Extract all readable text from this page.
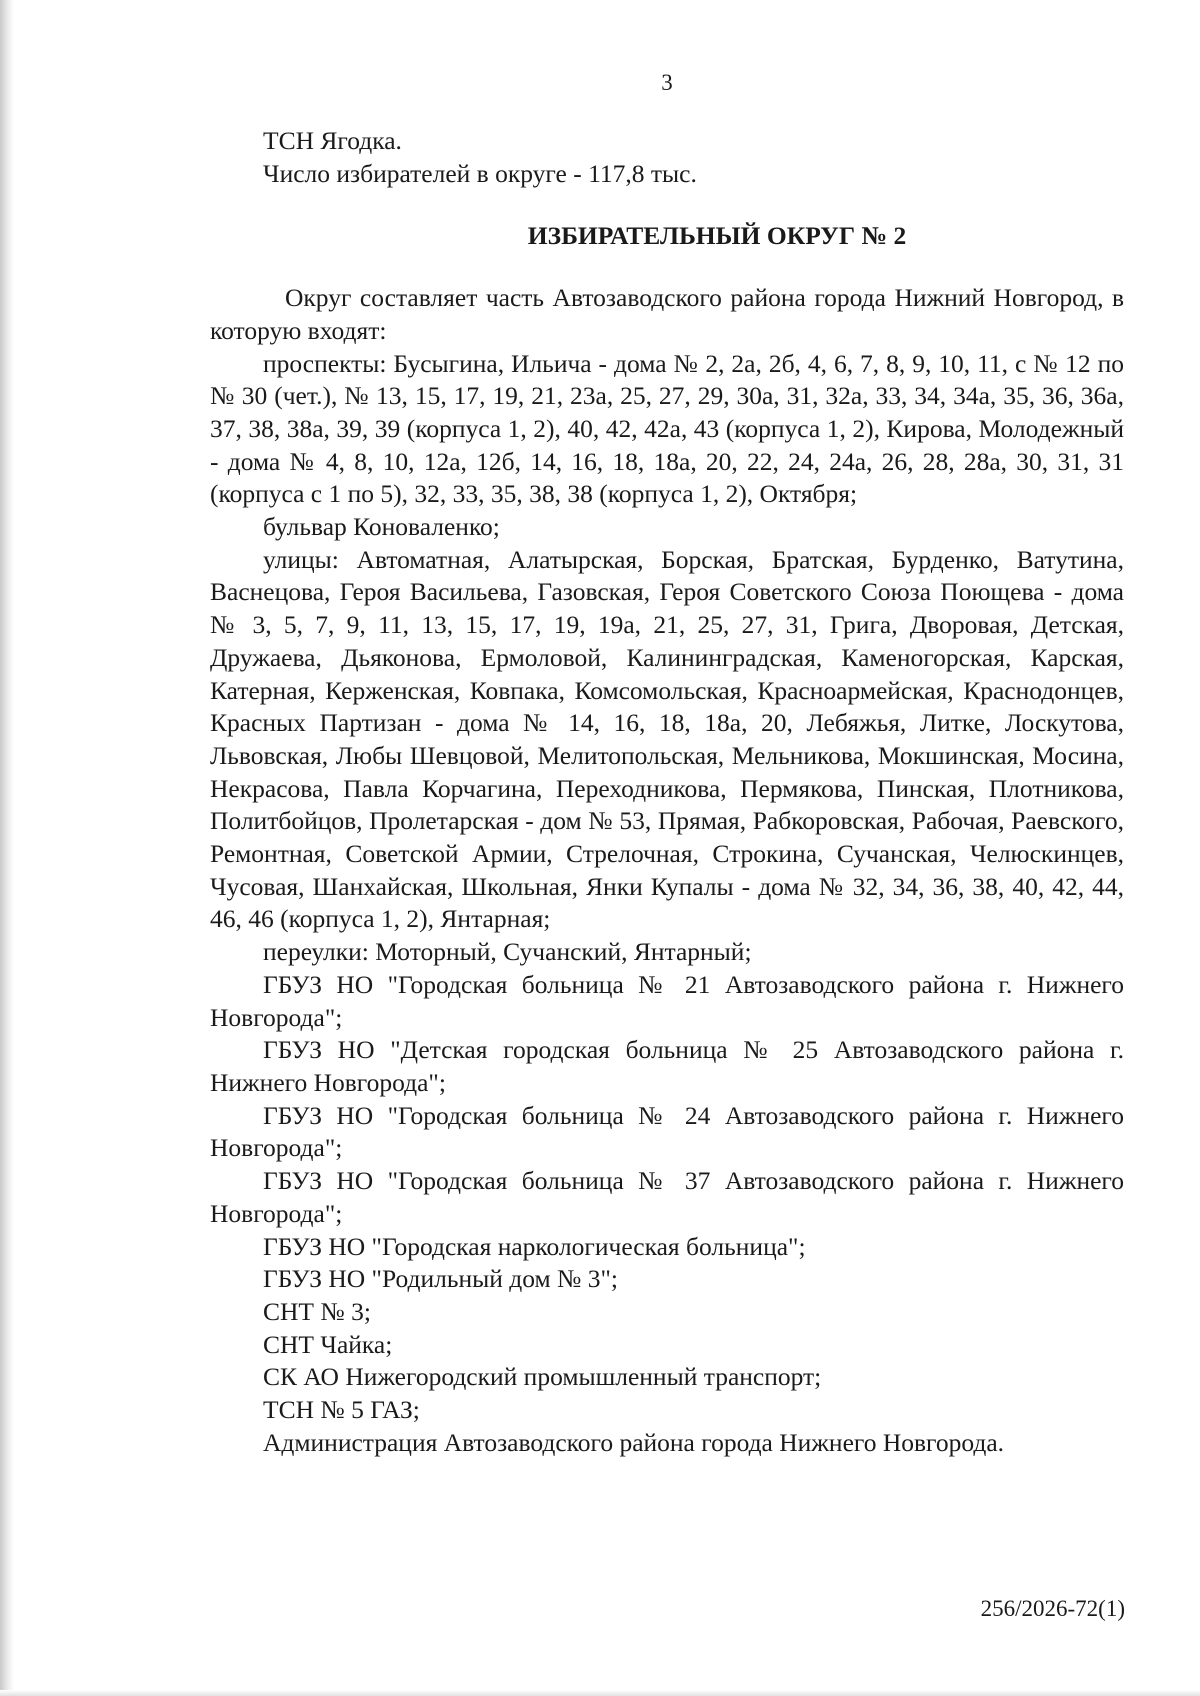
3

ТСН Ягодка.

Число избирателей в округе - 117,8 тыс.

ИЗБИРАТЕЛЬНЫЙ ОКРУГ № 2

Округ составляет часть Автозаводского района города Нижний Новгород, в которую входят:

проспекты: Бусыгина, Ильича - дома № 2, 2а, 2б, 4, 6, 7, 8, 9, 10, 11, с № 12 по № 30 (чет.), № 13, 15, 17, 19, 21, 23а, 25, 27, 29, 30а, 31, 32а, 33, 34, 34а, 35, 36, 36а, 37, 38, 38а, 39, 39 (корпуса 1, 2), 40, 42, 42а, 43 (корпуса 1, 2), Кирова, Молодежный - дома № 4, 8, 10, 12а, 12б, 14, 16, 18, 18а, 20, 22, 24, 24а, 26, 28, 28а, 30, 31, 31 (корпуса с 1 по 5), 32, 33, 35, 38, 38 (корпуса 1, 2), Октября;

бульвар Коноваленко;

улицы: Автоматная, Алатырская, Борская, Братская, Бурденко, Ватутина, Васнецова, Героя Васильева, Газовская, Героя Советского Союза Поющева - дома № 3, 5, 7, 9, 11, 13, 15, 17, 19, 19а, 21, 25, 27, 31, Грига, Дворовая, Детская, Дружаева, Дьяконова, Ермоловой, Калининградская, Каменогорская, Карская, Катерная, Керженская, Ковпака, Комсомольская, Красноармейская, Краснодонцев, Красных Партизан - дома № 14, 16, 18, 18а, 20, Лебяжья, Литке, Лоскутова, Львовская, Любы Шевцовой, Мелитопольская, Мельникова, Мокшинская, Мосина, Некрасова, Павла Корчагина, Переходникова, Пермякова, Пинская, Плотникова, Политбойцов, Пролетарская - дом № 53, Прямая, Рабкоровская, Рабочая, Раевского, Ремонтная, Советской Армии, Стрелочная, Строкина, Сучанская, Челюскинцев, Чусовая, Шанхайская, Школьная, Янки Купалы - дома № 32, 34, 36, 38, 40, 42, 44, 46, 46 (корпуса 1, 2), Янтарная;

переулки: Моторный, Сучанский, Янтарный;

ГБУЗ НО "Городская больница № 21 Автозаводского района г. Нижнего Новгорода";

ГБУЗ НО "Детская городская больница № 25 Автозаводского района г. Нижнего Новгорода";

ГБУЗ НО "Городская больница № 24 Автозаводского района г. Нижнего Новгорода";

ГБУЗ НО "Городская больница № 37 Автозаводского района г. Нижнего Новгорода";

ГБУЗ НО "Городская наркологическая больница";

ГБУЗ НО "Родильный дом № 3";

СНТ № 3;

СНТ Чайка;

СК АО Нижегородский промышленный транспорт;

ТСН № 5 ГАЗ;

Администрация Автозаводского района города Нижнего Новгорода.

256/2026-72(1)
